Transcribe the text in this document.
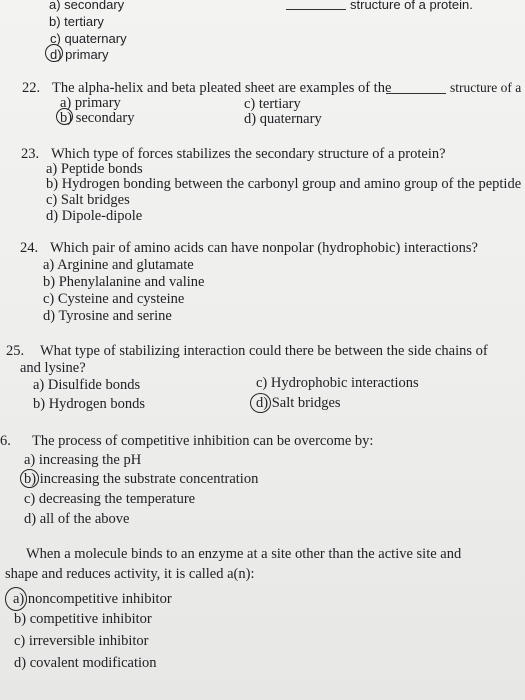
a) secondary	structure of a protein.
b) tertiary
c) quaternary
d) primary
22. The alpha-helix and beta pleated sheet are examples of the	structure of a
a) primary
b) secondary
c) tertiary
d) quaternary
23. Which type of forces stabilizes the secondary structure of a protein?
a) Peptide bonds
b) Hydrogen bonding between the carbonyl group and amino group of the peptide
c) Salt bridges
d) Dipole-dipole
24. Which pair of amino acids can have nonpolar (hydrophobic) interactions?
a) Arginine and glutamate
b) Phenylalanine and valine
c) Cysteine and cysteine
d) Tyrosine and serine
25. What type of stabilizing interaction could there be between the side chains of
and lysine?
a) Disulfide bonds
b) Hydrogen bonds
c) Hydrophobic interactions
d) Salt bridges
6. The process of competitive inhibition can be overcome by:
a) increasing the pH
b) increasing the substrate concentration
c) decreasing the temperature
d) all of the above
When a molecule binds to an enzyme at a site other than the active site and
shape and reduces activity, it is called a(n):
a) noncompetitive inhibitor
b) competitive inhibitor
c) irreversible inhibitor
d) covalent modification
